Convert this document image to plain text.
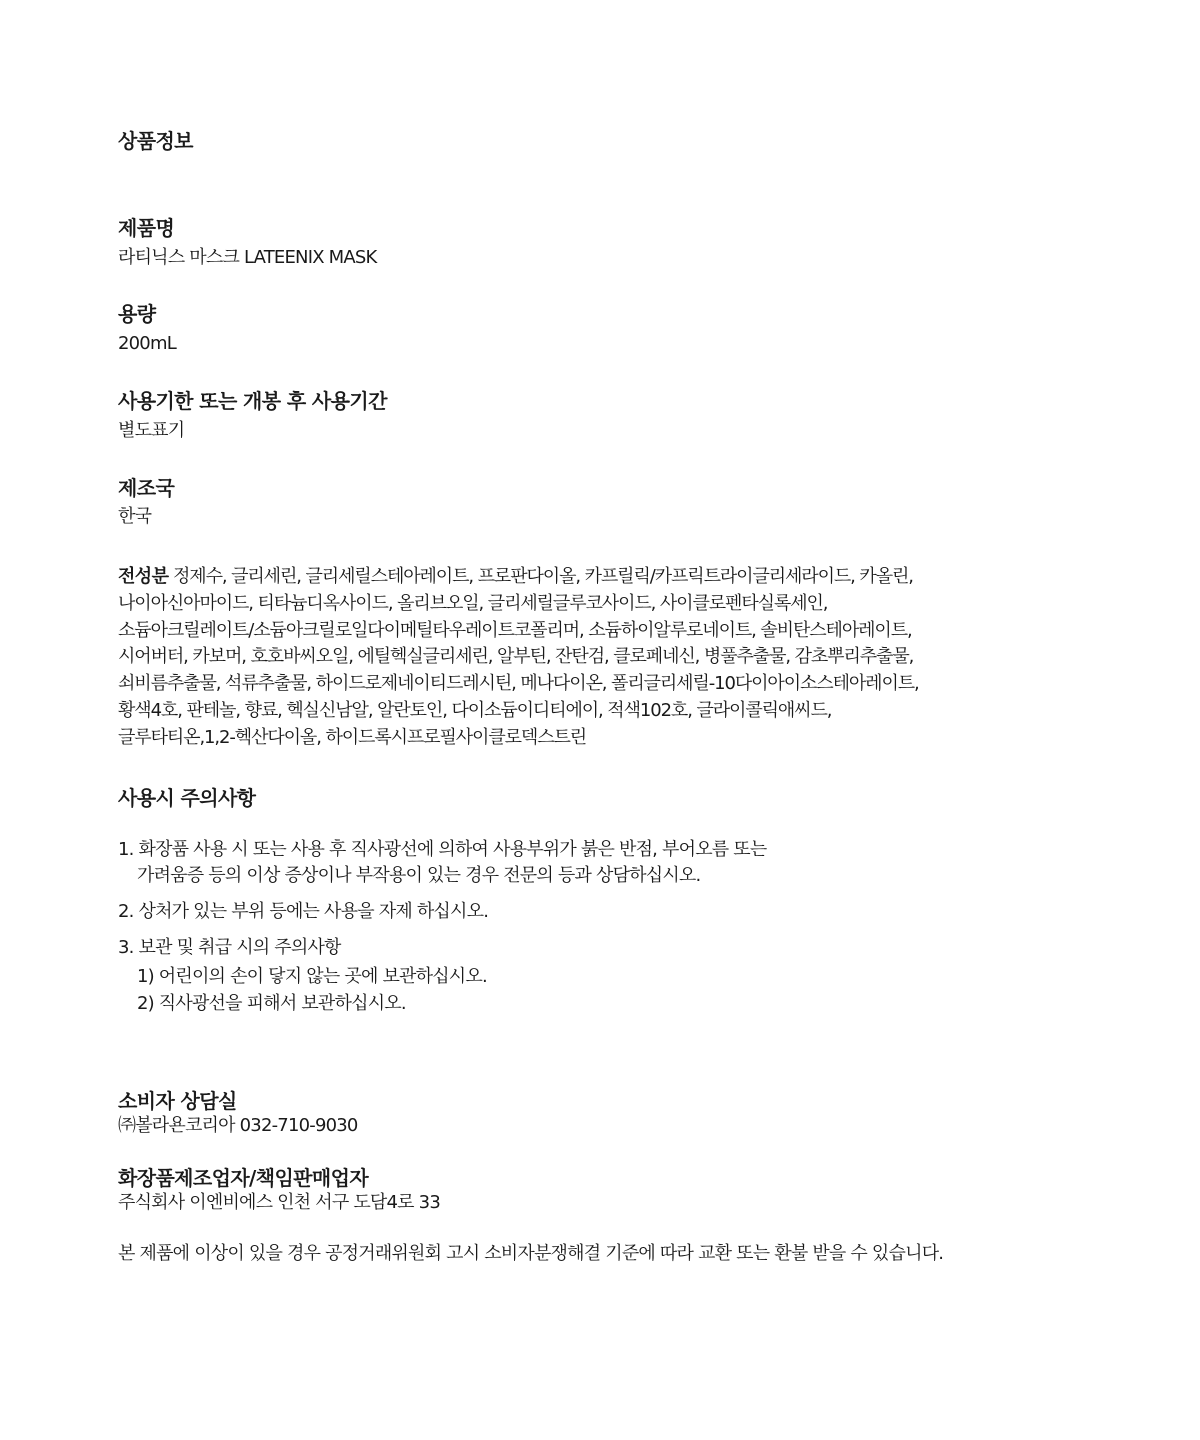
상품정보
제품명
라티닉스 마스크 LATEENIX MASK
용량
200mL
사용기한 또는 개봉 후 사용기간
별도표기
제조국
한국
전성분 정제수, 글리세린, 글리세릴스테아레이트, 프로판다이올, 카프릴릭/카프릭트라이글리세라이드, 카올린,
나이아신아마이드, 티타늄디옥사이드, 올리브오일, 글리세릴글루코사이드, 사이클로펜타실록세인,
소듐아크릴레이트/소듐아크릴로일다이메틸타우레이트코폴리머, 소듐하이알루로네이트, 솔비탄스테아레이트,
시어버터, 카보머, 호호바씨오일, 에틸헥실글리세린, 알부틴, 잔탄검, 클로페네신, 병풀추출물, 감초뿌리추출물,
쇠비름추출물, 석류추출물, 하이드로제네이티드레시틴, 메나다이온, 폴리글리세릴-10다이아이소스테아레이트,
황색4호, 판테놀, 향료, 헥실신남알, 알란토인, 다이소듐이디티에이, 적색102호, 글라이콜릭애씨드,
글루타티온,1,2-헥산다이올, 하이드록시프로필사이클로덱스트린
사용시 주의사항
1. 화장품 사용 시 또는 사용 후 직사광선에 의하여 사용부위가 붉은 반점, 부어오름 또는
가려움증 등의 이상 증상이나 부작용이 있는 경우 전문의 등과 상담하십시오.
2. 상처가 있는 부위 등에는 사용을 자제 하십시오.
3. 보관 및 취급 시의 주의사항
1) 어린이의 손이 닿지 않는 곳에 보관하십시오.
2) 직사광선을 피해서 보관하십시오.
소비자 상담실
㈜볼라욘코리아 032-710-9030
화장품제조업자/책임판매업자
주식회사 이엔비에스 인천 서구 도담4로 33
본 제품에 이상이 있을 경우 공정거래위원회 고시 소비자분쟁해결 기준에 따라 교환 또는 환불 받을 수 있습니다.
